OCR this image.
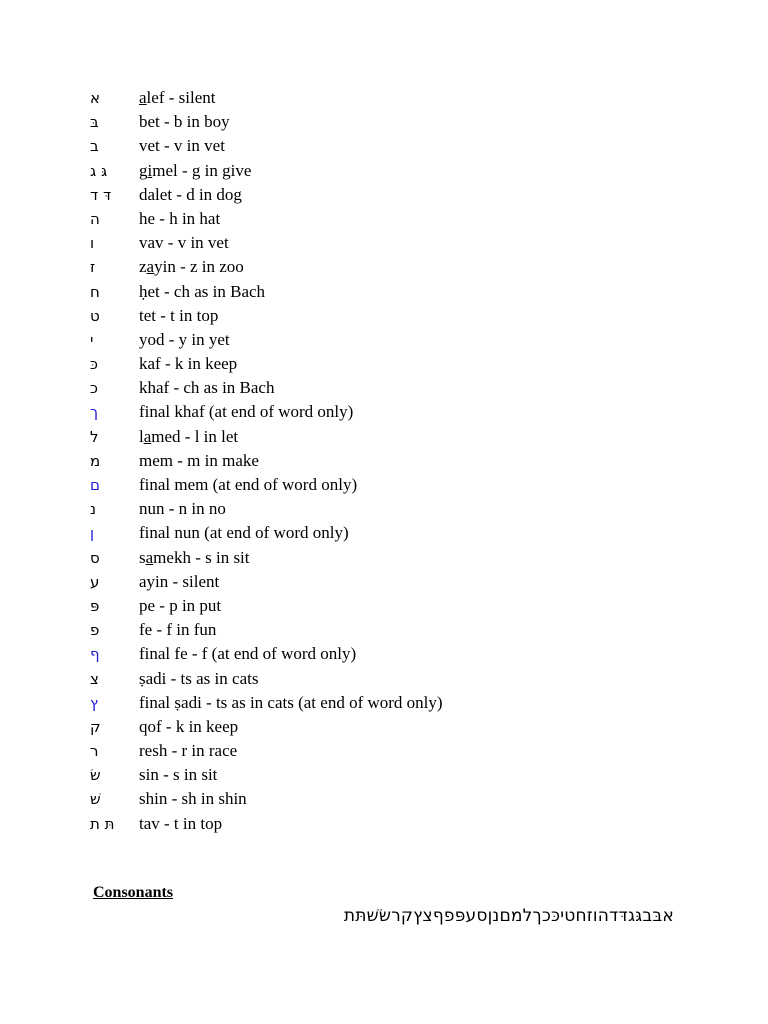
א	alef - silent
בּ	bet - b in boy
ב	vet - v in vet
גּ ג	gimel - g in give
דּ ד	dalet - d in dog
ה	he - h in hat
ו	vav - v in vet
ז	zayin - z in zoo
ח	ḥet - ch as in Bach
ט	tet - t in top
י	yod - y in yet
כּ	kaf - k in keep
כ	khaf - ch as in Bach
ך	final khaf (at end of word only)
ל	lamed - l in let
מ	mem - m in make
ם	final mem (at end of word only)
נ	nun - n in no
ן	final nun (at end of word only)
ס	samekh - s in sit
ע	ayin - silent
פּ	pe - p in put
פ	fe - f in fun
ף	final fe - f (at end of word only)
צ	ṣadi - ts as in cats
ץ	final ṣadi - ts as in cats (at end of word only)
ק	qof - k in keep
ר	resh - r in race
שׂ	sin - s in sit
שׁ	shin - sh in shin
תּ ת	tav - t in top
Consonants
אבּבגּגדּדהוזחטיכּכךלמםנןסעפּפףצץקרשׂשׁתּת
